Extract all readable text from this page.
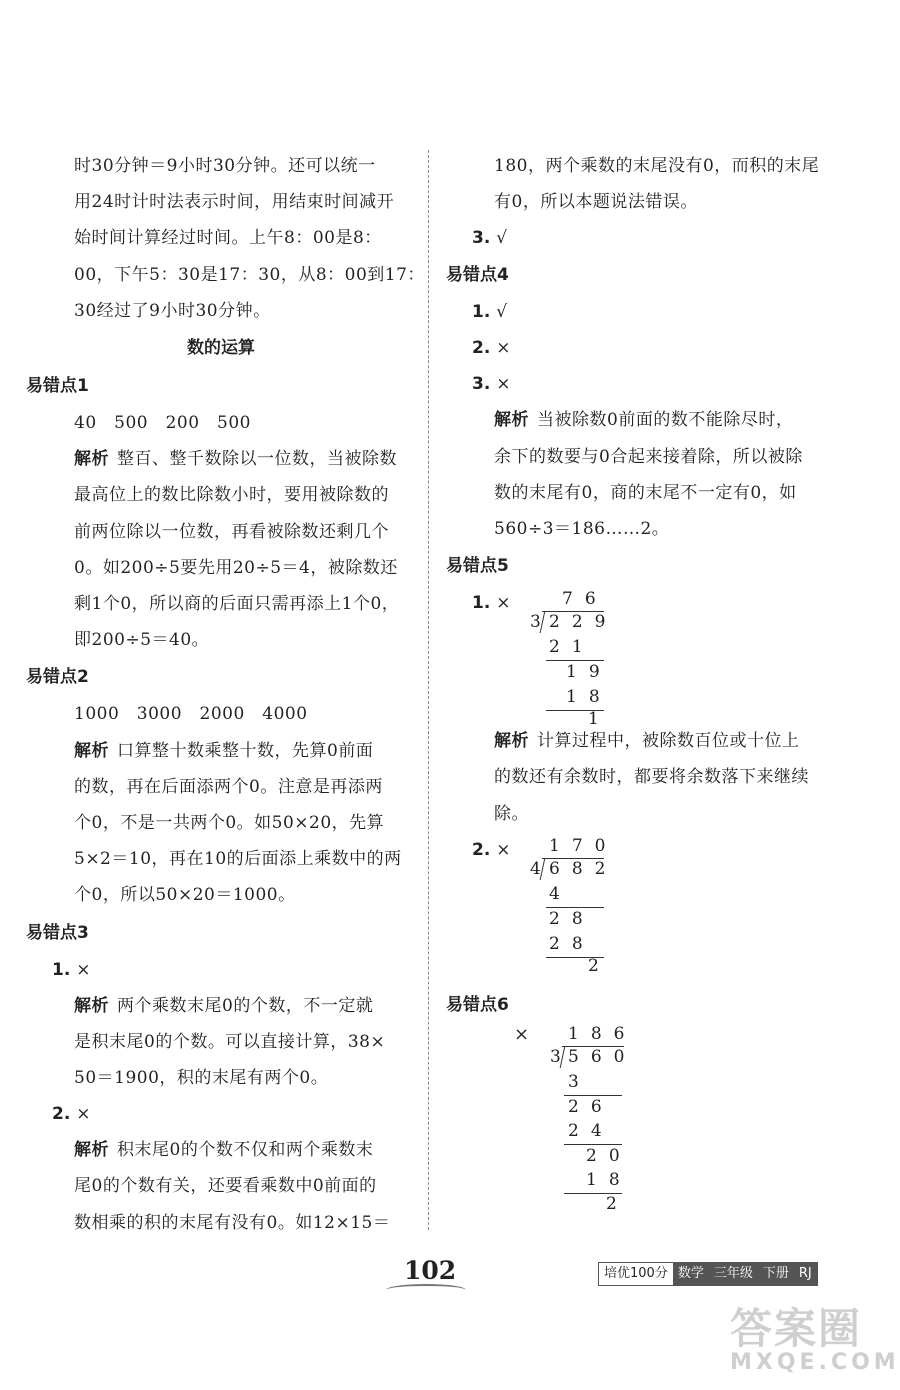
时30分钟＝9小时30分钟。还可以统一
用24时计时法表示时间，用结束时间减开
始时间计算经过时间。上午8：00是8：
00，下午5：30是17：30，从8：00到17：
30经过了9小时30分钟。
数的运算
易错点1
40　500　200　500
解析 整百、整千数除以一位数，当被除数
最高位上的数比除数小时，要用被除数的
前两位除以一位数，再看被除数还剩几个
0。如200÷5要先用20÷5＝4，被除数还
剩1个0，所以商的后面只需再添上1个0，
即200÷5＝40。
易错点2
1000　3000　2000　4000
解析 口算整十数乘整十数，先算0前面
的数，再在后面添两个0。注意是再添两
个0，不是一共两个0。如50×20，先算
5×2＝10，再在10的后面添上乘数中的两
个0，所以50×20＝1000。
易错点3
1. ×
解析 两个乘数末尾0的个数，不一定就
是积末尾0的个数。可以直接计算，38×
50＝1900，积的末尾有两个0。
2. ×
解析 积末尾0的个数不仅和两个乘数末
尾0的个数有关，还要看乘数中0前面的
数相乘的积的末尾有没有0。如12×15＝
180，两个乘数的末尾没有0，而积的末尾
有0，所以本题说法错误。
3. √
易错点4
1. √
2. ×
3. ×
解析 当被除数0前面的数不能除尽时，
余下的数要与0合起来接着除，所以被除
数的末尾有0，商的末尾不一定有0，如
560÷3＝186……2。
易错点5
1. ×	76
3
229
21
19
18
1
解析 计算过程中，被除数百位或十位上
的数还有余数时，都要将余数落下来继续
除。
2. × 170
4
682
4
28
28
2
易错点6
× 186
3
560
3
26
24
20
18
2
102	培优100分 数学 三年级 下册 RJ
答案圈
MXQE.COM
